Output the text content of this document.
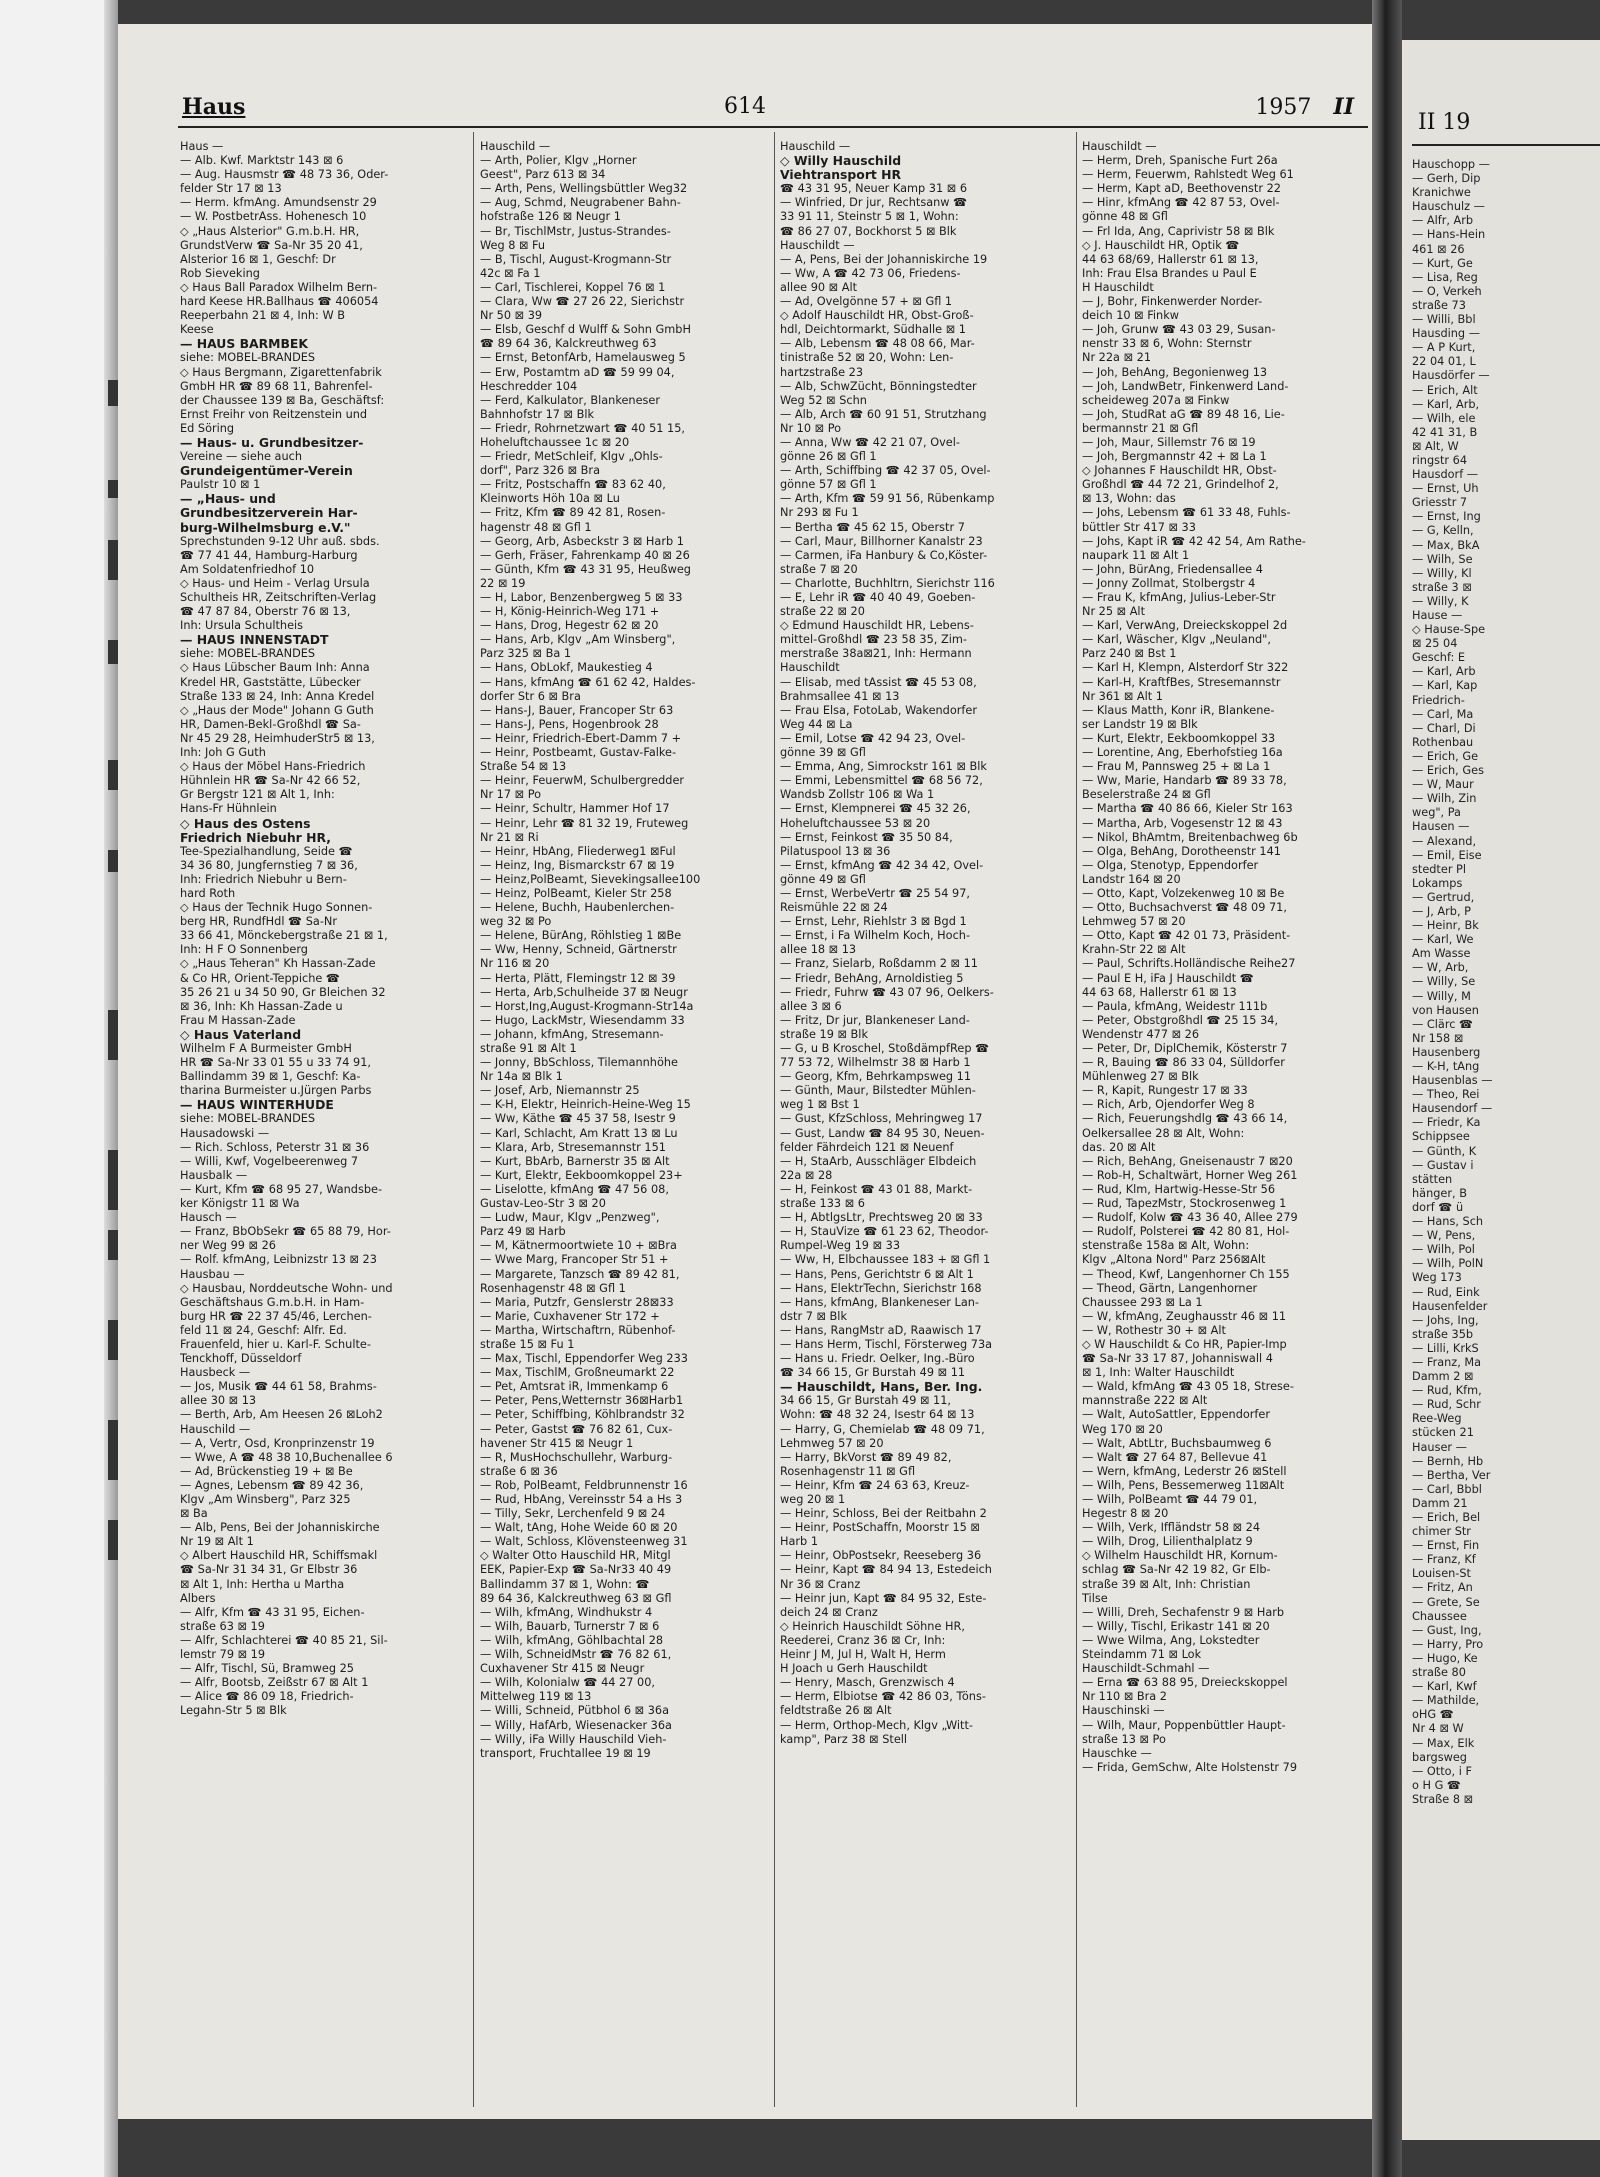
Haus	614	1957 II
Haus —
— Alb. Kwf. Marktstr 143 ⊠ 6
— Aug. Hausmstr ☎ 48 73 36, Oder-
felder Str 17 ⊠ 13
— Herm. kfmAng. Amundsenstr 29
— W. PostbetrAss. Hohenesch 10
◇ „Haus Alsterior" G.m.b.H. HR,
GrundstVerw ☎ Sa-Nr 35 20 41,
Alsterior 16 ⊠ 1, Geschf: Dr
Rob Sieveking
◇ Haus Ball Paradox Wilhelm Bern-
hard Keese HR.Ballhaus ☎ 406054
Reeperbahn 21 ⊠ 4, Inh: W B
Keese
— HAUS BARMBEK
siehe: MOBEL-BRANDES
◇ Haus Bergmann, Zigarettenfabrik
GmbH HR ☎ 89 68 11, Bahrenfel-
der Chaussee 139 ⊠ Ba, Geschäftsf:
Ernst Freihr von Reitzenstein und
Ed Söring
— Haus- u. Grundbesitzer-
Vereine — siehe auch
Grundeigentümer-Verein
Paulstr 10 ⊠ 1
— „Haus- und
Grundbesitzerverein Har-
burg-Wilhelmsburg e.V."
Sprechstunden 9-12 Uhr auß. sbds.
☎ 77 41 44, Hamburg-Harburg
Am Soldatenfriedhof 10
◇ Haus- und Heim - Verlag Ursula
Schultheis HR, Zeitschriften-Verlag
☎ 47 87 84, Oberstr 76 ⊠ 13,
Inh: Ursula Schultheis
— HAUS INNENSTADT
siehe: MOBEL-BRANDES
◇ Haus Lübscher Baum Inh: Anna
Kredel HR, Gaststätte, Lübecker
Straße 133 ⊠ 24, Inh: Anna Kredel
◇ „Haus der Mode" Johann G Guth
HR, Damen-Bekl-Großhdl ☎ Sa-
Nr 45 29 28, HeimhuderStr5 ⊠ 13,
Inh: Joh G Guth
◇ Haus der Möbel Hans-Friedrich
Hühnlein HR ☎ Sa-Nr 42 66 52,
Gr Bergstr 121 ⊠ Alt 1, Inh:
Hans-Fr Hühnlein
◇ Haus des Ostens
Friedrich Niebuhr HR,
Tee-Spezialhandlung, Seide ☎
34 36 80, Jungfernstieg 7 ⊠ 36,
Inh: Friedrich Niebuhr u Bern-
hard Roth
◇ Haus der Technik Hugo Sonnen-
berg HR, RundfHdl ☎ Sa-Nr
33 66 41, Mönckebergstraße 21 ⊠ 1,
Inh: H F O Sonnenberg
◇ „Haus Teheran" Kh Hassan-Zade
& Co HR, Orient-Teppiche ☎
35 26 21 u 34 50 90, Gr Bleichen 32
⊠ 36, Inh: Kh Hassan-Zade u
Frau M Hassan-Zade
◇ Haus Vaterland
Wilhelm F A Burmeister GmbH
HR ☎ Sa-Nr 33 01 55 u 33 74 91,
Ballindamm 39 ⊠ 1, Geschf: Ka-
tharina Burmeister u.Jürgen Parbs
— HAUS WINTERHUDE
siehe: MOBEL-BRANDES
Hausadowski —
— Rich. Schloss, Peterstr 31 ⊠ 36
— Willi, Kwf, Vogelbeerenweg 7
Hausbalk —
— Kurt, Kfm ☎ 68 95 27, Wandsbe-
ker Königstr 11 ⊠ Wa
Hausch —
— Franz, BbObSekr ☎ 65 88 79, Hor-
ner Weg 99 ⊠ 26
— Rolf. kfmAng, Leibnizstr 13 ⊠ 23
Hausbau —
◇ Hausbau, Norddeutsche Wohn- und
Geschäftshaus G.m.b.H. in Ham-
burg HR ☎ 22 37 45/46, Lerchen-
feld 11 ⊠ 24, Geschf: Alfr. Ed.
Frauenfeld, hier u. Karl-F. Schulte-
Tenckhoff, Düsseldorf
Hausbeck —
— Jos, Musik ☎ 44 61 58, Brahms-
allee 30 ⊠ 13
— Berth, Arb, Am Heesen 26 ⊠Loh2
Hauschild —
— A, Vertr, Osd, Kronprinzenstr 19
— Wwe, A ☎ 48 38 10,Buchenallee 6
— Ad, Brückenstieg 19 + ⊠ Be
— Agnes, Lebensm ☎ 89 42 36,
Klgv „Am Winsberg", Parz 325
⊠ Ba
— Alb, Pens, Bei der Johanniskirche
Nr 19 ⊠ Alt 1
◇ Albert Hauschild HR, Schiffsmakl
☎ Sa-Nr 31 34 31, Gr Elbstr 36
⊠ Alt 1, Inh: Hertha u Martha
Albers
— Alfr, Kfm ☎ 43 31 95, Eichen-
straße 63 ⊠ 19
— Alfr, Schlachterei ☎ 40 85 21, Sil-
lemstr 79 ⊠ 19
— Alfr, Tischl, Sü, Bramweg 25
— Alfr, Bootsb, Zeißstr 67 ⊠ Alt 1
— Alice ☎ 86 09 18, Friedrich-
Legahn-Str 5 ⊠ Blk
Hauschild —
— Arth, Polier, Klgv „Horner
Geest", Parz 613 ⊠ 34
— Arth, Pens, Wellingsbüttler Weg32
— Aug, Schmd, Neugrabener Bahn-
hofstraße 126 ⊠ Neugr 1
— Br, TischlMstr, Justus-Strandes-
Weg 8 ⊠ Fu
— B, Tischl, August-Krogmann-Str
42c ⊠ Fa 1
— Carl, Tischlerei, Koppel 76 ⊠ 1
— Clara, Ww ☎ 27 26 22, Sierichstr
Nr 50 ⊠ 39
— Elsb, Geschf d Wulff & Sohn GmbH
☎ 89 64 36, Kalckreuthweg 63
— Ernst, BetonfArb, Hamelausweg 5
— Erw, Postamtm aD ☎ 59 99 04,
Heschredder 104
— Ferd, Kalkulator, Blankeneser
Bahnhofstr 17 ⊠ Blk
— Friedr, Rohrnetzwart ☎ 40 51 15,
Hoheluftchaussee 1c ⊠ 20
— Friedr, MetSchleif, Klgv „Ohls-
dorf", Parz 326 ⊠ Bra
— Fritz, Postschaffn ☎ 83 62 40,
Kleinworts Höh 10a ⊠ Lu
— Fritz, Kfm ☎ 89 42 81, Rosen-
hagenstr 48 ⊠ Gfl 1
— Georg, Arb, Asbeckstr 3 ⊠ Harb 1
— Gerh, Fräser, Fahrenkamp 40 ⊠ 26
— Günth, Kfm ☎ 43 31 95, Heußweg
22 ⊠ 19
— H, Labor, Benzenbergweg 5 ⊠ 33
— H, König-Heinrich-Weg 171 +
— Hans, Drog, Hegestr 62 ⊠ 20
— Hans, Arb, Klgv „Am Winsberg",
Parz 325 ⊠ Ba 1
— Hans, ObLokf, Maukestieg 4
— Hans, kfmAng ☎ 61 62 42, Haldes-
dorfer Str 6 ⊠ Bra
— Hans-J, Bauer, Francoper Str 63
— Hans-J, Pens, Hogenbrook 28
— Heinr, Friedrich-Ebert-Damm 7 +
— Heinr, Postbeamt, Gustav-Falke-
Straße 54 ⊠ 13
— Heinr, FeuerwM, Schulbergredder
Nr 17 ⊠ Po
— Heinr, Schultr, Hammer Hof 17
— Heinr, Lehr ☎ 81 32 19, Fruteweg
Nr 21 ⊠ Ri
— Heinr, HbAng, Fliederweg1 ⊠Ful
— Heinz, Ing, Bismarckstr 67 ⊠ 19
— Heinz,PolBeamt, Sievekingsallee100
— Heinz, PolBeamt, Kieler Str 258
— Helene, Buchh, Haubenlerchen-
weg 32 ⊠ Po
— Helene, BürAng, Röhlstieg 1 ⊠Be
— Ww, Henny, Schneid, Gärtnerstr
Nr 116 ⊠ 20
— Herta, Plätt, Flemingstr 12 ⊠ 39
— Herta, Arb,Schulheide 37 ⊠ Neugr
— Horst,Ing,August-Krogmann-Str14a
— Hugo, LackMstr, Wiesendamm 33
— Johann, kfmAng, Stresemann-
straße 91 ⊠ Alt 1
— Jonny, BbSchloss, Tilemannhöhe
Nr 14a ⊠ Blk 1
— Josef, Arb, Niemannstr 25
— K-H, Elektr, Heinrich-Heine-Weg 15
— Ww, Käthe ☎ 45 37 58, Isestr 9
— Karl, Schlacht, Am Kratt 13 ⊠ Lu
— Klara, Arb, Stresemannstr 151
— Kurt, BbArb, Barnerstr 35 ⊠ Alt
— Kurt, Elektr, Eekboomkoppel 23+
— Liselotte, kfmAng ☎ 47 56 08,
Gustav-Leo-Str 3 ⊠ 20
— Ludw, Maur, Klgv „Penzweg",
Parz 49 ⊠ Harb
— M, Kätnermoortwiete 10 + ⊠Bra
— Wwe Marg, Francoper Str 51 +
— Margarete, Tanzsch ☎ 89 42 81,
Rosenhagenstr 48 ⊠ Gfl 1
— Maria, Putzfr, Genslerstr 28⊠33
— Marie, Cuxhavener Str 172 +
— Martha, Wirtschaftrn, Rübenhof-
straße 15 ⊠ Fu 1
— Max, Tischl, Eppendorfer Weg 233
— Max, TischlM, Großneumarkt 22
— Pet, Amtsrat iR, Immenkamp 6
— Peter, Pens,Wetternstr 36⊠Harb1
— Peter, Schiffbing, Köhlbrandstr 32
— Peter, Gastst ☎ 76 82 61, Cux-
havener Str 415 ⊠ Neugr 1
— R, MusHochschullehr, Warburg-
straße 6 ⊠ 36
— Rob, PolBeamt, Feldbrunnenstr 16
— Rud, HbAng, Vereinsstr 54 a Hs 3
— Tilly, Sekr, Lerchenfeld 9 ⊠ 24
— Walt, tAng, Hohe Weide 60 ⊠ 20
— Walt, Schloss, Klövensteenweg 31
◇ Walter Otto Hauschild HR, Mitgl
EEK, Papier-Exp ☎ Sa-Nr33 40 49
Ballindamm 37 ⊠ 1, Wohn: ☎
89 64 36, Kalckreuthweg 63 ⊠ Gfl
— Wilh, kfmAng, Windhukstr 4
— Wilh, Bauarb, Turnerstr 7 ⊠ 6
— Wilh, kfmAng, Göhlbachtal 28
— Wilh, SchneidMstr ☎ 76 82 61,
Cuxhavener Str 415 ⊠ Neugr
— Wilh, Kolonialw ☎ 44 27 00,
Mittelweg 119 ⊠ 13
— Willi, Schneid, Pütbhol 6 ⊠ 36a
— Willy, HafArb, Wiesenacker 36a
— Willy, iFa Willy Hauschild Vieh-
transport, Fruchtallee 19 ⊠ 19
Hauschild —
◇ Willy Hauschild
Viehtransport HR
☎ 43 31 95, Neuer Kamp 31 ⊠ 6
— Winfried, Dr jur, Rechtsanw ☎
33 91 11, Steinstr 5 ⊠ 1, Wohn:
☎ 86 27 07, Bockhorst 5 ⊠ Blk
Hauschildt —
— A, Pens, Bei der Johanniskirche 19
— Ww, A ☎ 42 73 06, Friedens-
allee 90 ⊠ Alt
— Ad, Ovelgönne 57 + ⊠ Gfl 1
◇ Adolf Hauschildt HR, Obst-Groß-
hdl, Deichtormarkt, Südhalle ⊠ 1
— Alb, Lebensm ☎ 48 08 66, Mar-
tinistraße 52 ⊠ 20, Wohn: Len-
hartzstraße 23
— Alb, SchwZücht, Bönningstedter
Weg 52 ⊠ Schn
— Alb, Arch ☎ 60 91 51, Strutzhang
Nr 10 ⊠ Po
— Anna, Ww ☎ 42 21 07, Ovel-
gönne 26 ⊠ Gfl 1
— Arth, Schiffbing ☎ 42 37 05, Ovel-
gönne 57 ⊠ Gfl 1
— Arth, Kfm ☎ 59 91 56, Rübenkamp
Nr 293 ⊠ Fu 1
— Bertha ☎ 45 62 15, Oberstr 7
— Carl, Maur, Billhorner Kanalstr 23
— Carmen, iFa Hanbury & Co,Köster-
straße 7 ⊠ 20
— Charlotte, Buchhltrn, Sierichstr 116
— E, Lehr iR ☎ 40 40 49, Goeben-
straße 22 ⊠ 20
◇ Edmund Hauschildt HR, Lebens-
mittel-Großhdl ☎ 23 58 35, Zim-
merstraße 38a⊠21, Inh: Hermann
Hauschildt
— Elisab, med tAssist ☎ 45 53 08,
Brahmsallee 41 ⊠ 13
— Frau Elsa, FotoLab, Wakendorfer
Weg 44 ⊠ La
— Emil, Lotse ☎ 42 94 23, Ovel-
gönne 39 ⊠ Gfl
— Emma, Ang, Simrockstr 161 ⊠ Blk
— Emmi, Lebensmittel ☎ 68 56 72,
Wandsb Zollstr 106 ⊠ Wa 1
— Ernst, Klempnerei ☎ 45 32 26,
Hoheluftchaussee 53 ⊠ 20
— Ernst, Feinkost ☎ 35 50 84,
Pilatuspool 13 ⊠ 36
— Ernst, kfmAng ☎ 42 34 42, Ovel-
gönne 49 ⊠ Gfl
— Ernst, WerbeVertr ☎ 25 54 97,
Reismühle 22 ⊠ 24
— Ernst, Lehr, Riehlstr 3 ⊠ Bgd 1
— Ernst, i Fa Wilhelm Koch, Hoch-
allee 18 ⊠ 13
— Franz, Sielarb, Roßdamm 2 ⊠ 11
— Friedr, BehAng, Arnoldistieg 5
— Friedr, Fuhrw ☎ 43 07 96, Oelkers-
allee 3 ⊠ 6
— Fritz, Dr jur, Blankeneser Land-
straße 19 ⊠ Blk
— G, u B Kroschel, StoßdämpfRep ☎
77 53 72, Wilhelmstr 38 ⊠ Harb 1
— Georg, Kfm, Behrkampsweg 11
— Günth, Maur, Bilstedter Mühlen-
weg 1 ⊠ Bst 1
— Gust, KfzSchloss, Mehringweg 17
— Gust, Landw ☎ 84 95 30, Neuen-
felder Fährdeich 121 ⊠ Neuenf
— H, StaArb, Ausschläger Elbdeich
22a ⊠ 28
— H, Feinkost ☎ 43 01 88, Markt-
straße 133 ⊠ 6
— H, AbtlgsLtr, Prechtsweg 20 ⊠ 33
— H, StauVize ☎ 61 23 62, Theodor-
Rumpel-Weg 19 ⊠ 33
— Ww, H, Elbchaussee 183 + ⊠ Gfl 1
— Hans, Pens, Gerichtstr 6 ⊠ Alt 1
— Hans, ElektrTechn, Sierichstr 168
— Hans, kfmAng, Blankeneser Lan-
dstr 7 ⊠ Blk
— Hans, RangMstr aD, Raawisch 17
— Hans Herm, Tischl, Försterweg 73a
— Hans u. Friedr. Oelker, Ing.-Büro
☎ 34 66 15, Gr Burstah 49 ⊠ 11
— Hauschildt, Hans, Ber. Ing.
34 66 15, Gr Burstah 49 ⊠ 11,
Wohn: ☎ 48 32 24, Isestr 64 ⊠ 13
— Harry, G, Chemielab ☎ 48 09 71,
Lehmweg 57 ⊠ 20
— Harry, BkVorst ☎ 89 49 82,
Rosenhagenstr 11 ⊠ Gfl
— Heinr, Kfm ☎ 24 63 63, Kreuz-
weg 20 ⊠ 1
— Heinr, Schloss, Bei der Reitbahn 2
— Heinr, PostSchaffn, Moorstr 15 ⊠
Harb 1
— Heinr, ObPostsekr, Reeseberg 36
— Heinr, Kapt ☎ 84 94 13, Estedeich
Nr 36 ⊠ Cranz
— Heinr jun, Kapt ☎ 84 95 32, Este-
deich 24 ⊠ Cranz
◇ Heinrich Hauschildt Söhne HR,
Reederei, Cranz 36 ⊠ Cr, Inh:
Heinr J M, Jul H, Walt H, Herm
H Joach u Gerh Hauschildt
— Henry, Masch, Grenzwisch 4
— Herm, Elbiotse ☎ 42 86 03, Töns-
feldtstraße 26 ⊠ Alt
— Herm, Orthop-Mech, Klgv „Witt-
kamp", Parz 38 ⊠ Stell
Hauschildt —
— Herm, Dreh, Spanische Furt 26a
— Herm, Feuerwm, Rahlstedt Weg 61
— Herm, Kapt aD, Beethovenstr 22
— Hinr, kfmAng ☎ 42 87 53, Ovel-
gönne 48 ⊠ Gfl
— Frl Ida, Ang, Caprivistr 58 ⊠ Blk
◇ J. Hauschildt HR, Optik ☎
44 63 68/69, Hallerstr 61 ⊠ 13,
Inh: Frau Elsa Brandes u Paul E
H Hauschildt
— J, Bohr, Finkenwerder Norder-
deich 10 ⊠ Finkw
— Joh, Grunw ☎ 43 03 29, Susan-
nenstr 33 ⊠ 6, Wohn: Sternstr
Nr 22a ⊠ 21
— Joh, BehAng, Begonienweg 13
— Joh, LandwBetr, Finkenwerd Land-
scheideweg 207a ⊠ Finkw
— Joh, StudRat aG ☎ 89 48 16, Lie-
bermannstr 21 ⊠ Gfl
— Joh, Maur, Sillemstr 76 ⊠ 19
— Joh, Bergmannstr 42 + ⊠ La 1
◇ Johannes F Hauschildt HR, Obst-
Großhdl ☎ 44 72 21, Grindelhof 2,
⊠ 13, Wohn: das
— Johs, Lebensm ☎ 61 33 48, Fuhls-
büttler Str 417 ⊠ 33
— Johs, Kapt iR ☎ 42 42 54, Am Rathe-
naupark 11 ⊠ Alt 1
— John, BürAng, Friedensallee 4
— Jonny Zollmat, Stolbergstr 4
— Frau K, kfmAng, Julius-Leber-Str
Nr 25 ⊠ Alt
— Karl, VerwAng, Dreieckskoppel 2d
— Karl, Wäscher, Klgv „Neuland",
Parz 240 ⊠ Bst 1
— Karl H, Klempn, Alsterdorf Str 322
— Karl-H, KraftfBes, Stresemannstr
Nr 361 ⊠ Alt 1
— Klaus Matth, Konr iR, Blankene-
ser Landstr 19 ⊠ Blk
— Kurt, Elektr, Eekboomkoppel 33
— Lorentine, Ang, Eberhofstieg 16a
— Frau M, Pannsweg 25 + ⊠ La 1
— Ww, Marie, Handarb ☎ 89 33 78,
Beselerstraße 24 ⊠ Gfl
— Martha ☎ 40 86 66, Kieler Str 163
— Martha, Arb, Vogesenstr 12 ⊠ 43
— Nikol, BhAmtm, Breitenbachweg 6b
— Olga, BehAng, Dorotheenstr 141
— Olga, Stenotyp, Eppendorfer
Landstr 164 ⊠ 20
— Otto, Kapt, Volzekenweg 10 ⊠ Be
— Otto, Buchsachverst ☎ 48 09 71,
Lehmweg 57 ⊠ 20
— Otto, Kapt ☎ 42 01 73, Präsident-
Krahn-Str 22 ⊠ Alt
— Paul, Schrifts.Holländische Reihe27
— Paul E H, iFa J Hauschildt ☎
44 63 68, Hallerstr 61 ⊠ 13
— Paula, kfmAng, Weidestr 111b
— Peter, Obstgroßhdl ☎ 25 15 34,
Wendenstr 477 ⊠ 26
— Peter, Dr, DiplChemik, Kösterstr 7
— R, Bauing ☎ 86 33 04, Sülldorfer
Mühlenweg 27 ⊠ Blk
— R, Kapit, Rungestr 17 ⊠ 33
— Rich, Arb, Ojendorfer Weg 8
— Rich, Feuerungshdlg ☎ 43 66 14,
Oelkersallee 28 ⊠ Alt, Wohn:
das. 20 ⊠ Alt
— Rich, BehAng, Gneisenaustr 7 ⊠20
— Rob-H, Schaltwärt, Horner Weg 261
— Rud, Klm, Hartwig-Hesse-Str 56
— Rud, TapezMstr, Stockrosenweg 1
— Rudolf, Kolw ☎ 43 36 40, Allee 279
— Rudolf, Polsterei ☎ 42 80 81, Hol-
stenstraße 158a ⊠ Alt, Wohn:
Klgv „Altona Nord" Parz 256⊠Alt
— Theod, Kwf, Langenhorner Ch 155
— Theod, Gärtn, Langenhorner
Chaussee 293 ⊠ La 1
— W, kfmAng, Zeughausstr 46 ⊠ 11
— W, Rothestr 30 + ⊠ Alt
◇ W Hauschildt & Co HR, Papier-Imp
☎ Sa-Nr 33 17 87, Johanniswall 4
⊠ 1, Inh: Walter Hauschildt
— Wald, kfmAng ☎ 43 05 18, Strese-
mannstraße 222 ⊠ Alt
— Walt, AutoSattler, Eppendorfer
Weg 170 ⊠ 20
— Walt, AbtLtr, Buchsbaumweg 6
— Walt ☎ 27 64 87, Bellevue 41
— Wern, kfmAng, Lederstr 26 ⊠Stell
— Wilh, Pens, Bessemerweg 11⊠Alt
— Wilh, PolBeamt ☎ 44 79 01,
Hegestr 8 ⊠ 20
— Wilh, Verk, Iffländstr 58 ⊠ 24
— Wilh, Drog, Lilienthalplatz 9
◇ Wilhelm Hauschildt HR, Kornum-
schlag ☎ Sa-Nr 42 19 82, Gr Elb-
straße 39 ⊠ Alt, Inh: Christian
Tilse
— Willi, Dreh, Sechafenstr 9 ⊠ Harb
— Willy, Tischl, Erikastr 141 ⊠ 20
— Wwe Wilma, Ang, Lokstedter
Steindamm 71 ⊠ Lok
Hauschildt-Schmahl —
— Erna ☎ 63 88 95, Dreieckskoppel
Nr 110 ⊠ Bra 2
Hauschinski —
— Wilh, Maur, Poppenbüttler Haupt-
straße 13 ⊠ Po
Hauschke —
— Frida, GemSchw, Alte Holstenstr 79
II 19
Hauschopp —
— Gerh, Dip
Kranichwe
Hauschulz —
— Alfr, Arb
— Hans-Hein
461 ⊠ 26
— Kurt, Ge
— Lisa, Reg
— O, Verkeh
straße 73
— Willi, Bbl
Hausding —
— A P Kurt,
22 04 01, L
Hausdörfer —
— Erich, Alt
— Karl, Arb,
— Wilh, ele
42 41 31, B
⊠ Alt, W
ringstr 64
Hausdorf —
— Ernst, Uh
Griesstr 7
— Ernst, Ing
— G, Kelln,
— Max, BkA
— Wilh, Se
— Willy, Kl
straße 3 ⊠
— Willy, K
Hause —
◇ Hause-Spe
⊠ 25 04
Geschf: E
— Karl, Arb
— Karl, Kap
Friedrich-
— Carl, Ma
— Charl, Di
Rothenbau
— Erich, Ge
— Erich, Ges
— W, Maur
— Wilh, Zin
weg", Pa
Hausen —
— Alexand,
— Emil, Eise
stedter Pl
Lokamps
— Gertrud,
— J, Arb, P
— Heinr, Bk
— Karl, We
Am Wasse
— W, Arb,
— Willy, Se
— Willy, M
von Hausen
— Clärc ☎
Nr 158 ⊠
Hausenberg
— K-H, tAng
Hausenblas —
— Theo, Rei
Hausendorf —
— Friedr, Ka
Schippsee
— Günth, K
— Gustav i
stätten
hänger, B
dorf ☎ ü
— Hans, Sch
— W, Pens,
— Wilh, Pol
— Wilh, PolN
Weg 173
— Rud, Eink
Hausenfelder
— Johs, Ing,
straße 35b
— Lilli, KrkS
— Franz, Ma
Damm 2 ⊠
— Rud, Kfm,
— Rud, Schr
Ree-Weg
stücken 21
Hauser —
— Bernh, Hb
— Bertha, Ver
— Carl, Bbbl
Damm 21
— Erich, Bel
chimer Str
— Ernst, Fin
— Franz, Kf
Louisen-St
— Fritz, An
— Grete, Se
Chaussee
— Gust, Ing,
— Harry, Pro
— Hugo, Ke
straße 80
— Karl, Kwf
— Mathilde,
oHG ☎
Nr 4 ⊠ W
— Max, Elk
bargsweg
— Otto, i F
o H G ☎
Straße 8 ⊠
